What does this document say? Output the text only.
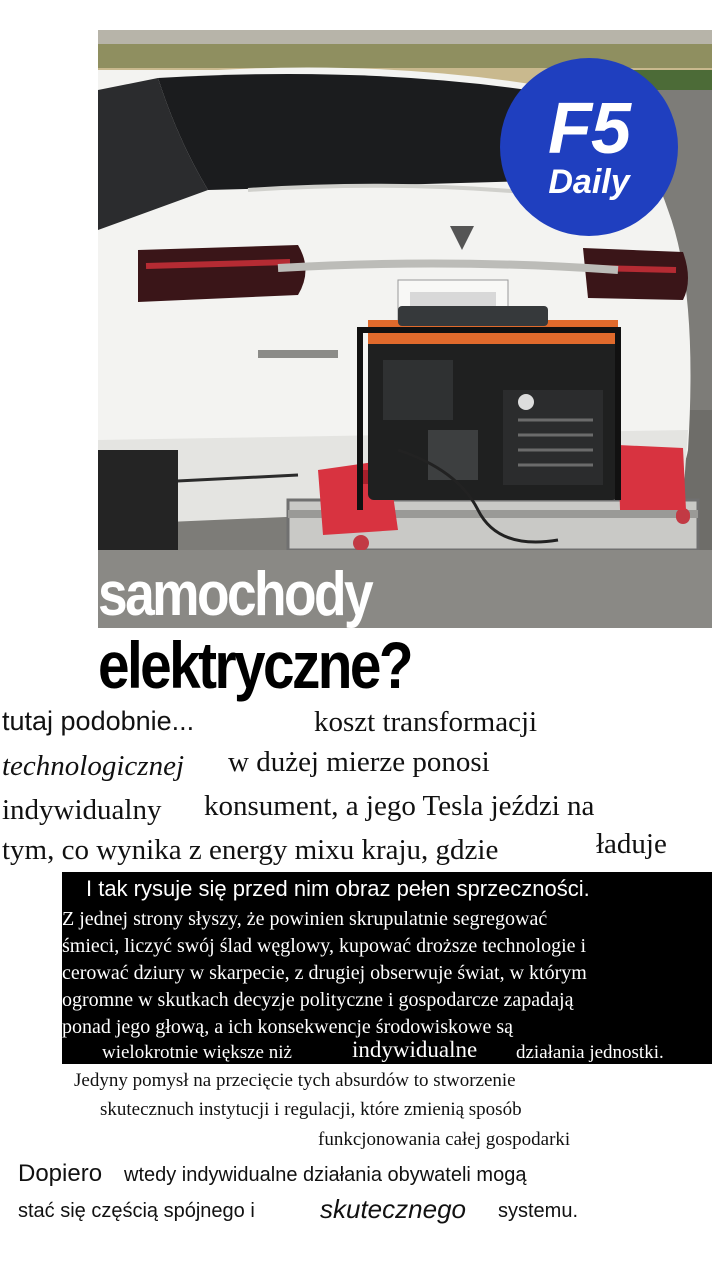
F5
Daily
samochody
elektryczne?
tutaj podobnie...	koszt transformacji
technologicznej w dużej mierze ponosi
indywidualny konsument, a jego Tesla jeździ na
tym, co wynika z energy mixu kraju, gdzie	ładuje
I tak rysuje się przed nim obraz pełen sprzeczności.
Z jednej strony słyszy, że powinien skrupulatnie segregować
śmieci, liczyć swój ślad węglowy, kupować droższe technologie i
cerować dziury w skarpecie, z drugiej obserwuje świat, w którym
ogromne w skutkach decyzje polityczne i gospodarcze zapadają
ponad jego głową, a ich konsekwencje środowiskowe są
wielokrotnie większe niż	indywidualne działania jednostki.
Jedyny pomysł na przecięcie tych absurdów to stworzenie
skutecznuch instytucji i regulacji, które zmienią sposób
funkcjonowania całej gospodarki
Dopiero wtedy indywidualne działania obywateli mogą
stać się częścią spójnego i	skutecznego systemu.
